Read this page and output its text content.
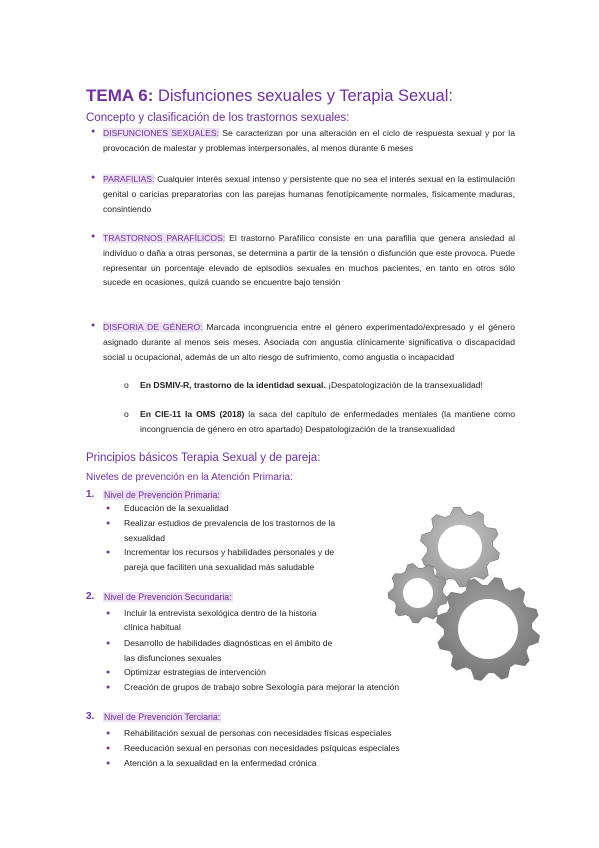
TEMA 6: Disfunciones sexuales y Terapia Sexual:
Concepto y clasificación de los trastornos sexuales:
●
DISFUNCIONES SEXUALES: Se caracterizan por una alteración en el ciclo de respuesta sexual y por la provocación de malestar y problemas interpersonales, al menos durante 6 meses
●
PARAFILIAS: Cualquier interés sexual intenso y persistente que no sea el interés sexual en la estimulación genital o caricias preparatorias con las parejas humanas fenotípicamente normales, físicamente maduras, consintiendo
●
TRASTORNOS PARAFÍLICOS: El trastorno Parafílico consiste en una parafilia que genera ansiedad al individuo o daña a otras personas, se determina a partir de la tensión o disfunción que este provoca. Puede representar un porcentaje elevado de episodios sexuales en muchos pacientes, en tanto en otros sólo sucede en ocasiones, quizá cuando se encuentre bajo tensión
●
DISFORIA DE GÉNERO: Marcada incongruencia entre el género experimentado/expresado y el género asignado durante al menos seis meses. Asociada con angustia clínicamente significativa o discapacidad social u ocupacional, además de un alto riesgo de sufrimiento, como angustia o incapacidad
o En DSMIV-R, trastorno de la identidad sexual. ¡Despatologización de la transexualidad!
o En CIE-11 la OMS (2018) la saca del capítulo de enfermedades mentales (la mantiene como incongruencia de género en otro apartado) Despatologización de la transexualidad
Principios básicos Terapia Sexual y de pareja:
Niveles de prevención en la Atención Primaria:
1. Nivel de Prevención Primaria:
● Educación de la sexualidad
● Realizar estudios de prevalencia de los trastornos de la
sexualidad
● Incrementar los recursos y habilidades personales y de
pareja que faciliten una sexualidad más saludable
2. Nivel de Prevención Secundaria:
● Incluir la entrevista sexológica dentro de la historia
clínica habitual
● Desarrollo de habilidades diagnósticas en el ámbito de
las disfunciones sexuales
● Optimizar estrategias de intervención
● Creación de grupos de trabajo sobre Sexología para mejorar la atención
3. Nivel de Prevención Terciaria:
● Rehabilitación sexual de personas con necesidades físicas especiales
● Reeducación sexual en personas con necesidades psíquicas especiales
● Atención a la sexualidad en la enfermedad crónica
Prevención
Promoción
Educación
